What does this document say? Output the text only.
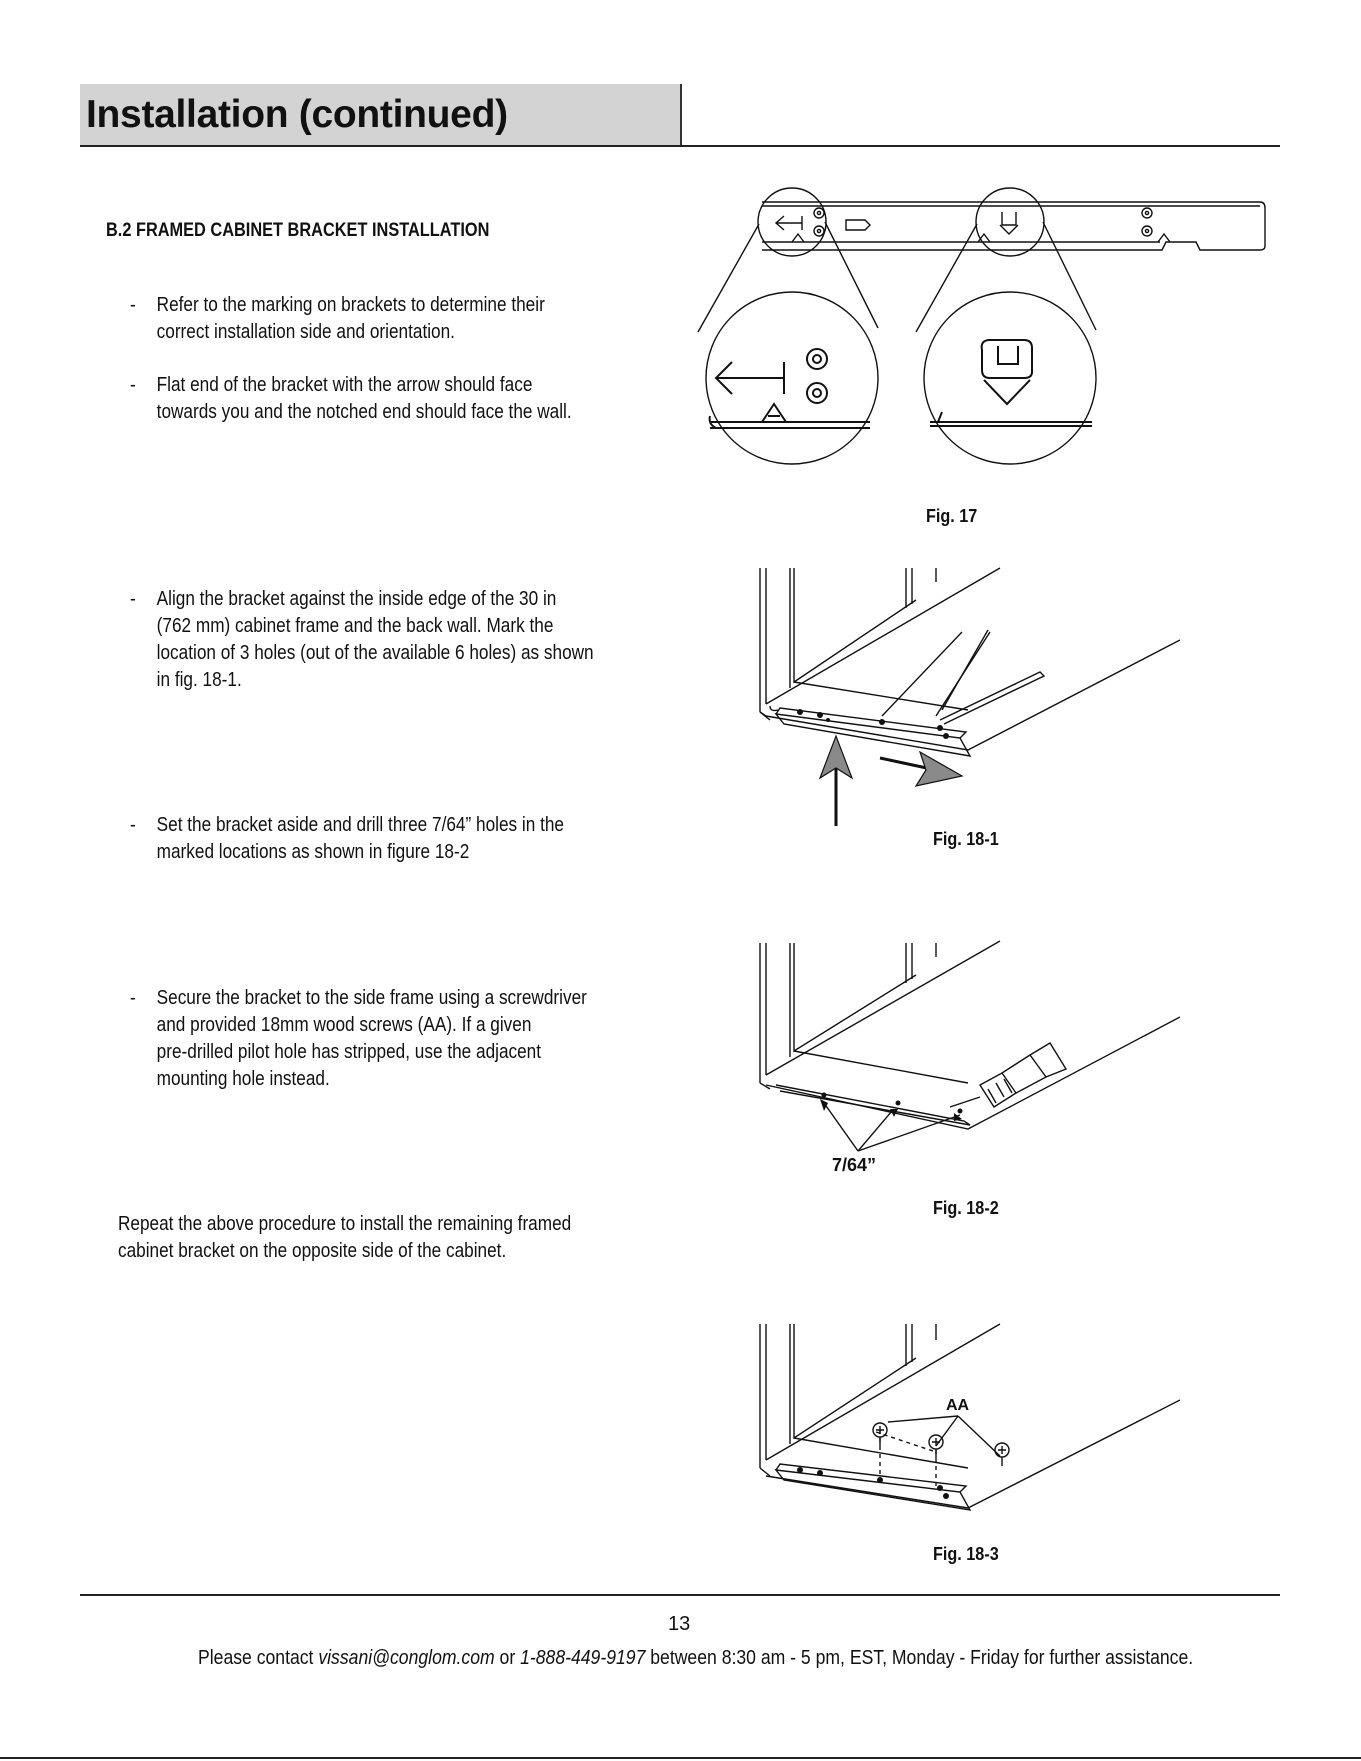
Installation (continued)
B.2 FRAMED CABINET BRACKET INSTALLATION
- Refer to the marking on brackets to determine their
correct installation side and orientation.
- Flat end of the bracket with the arrow should face
towards you and the notched end should face the wall.
- Align the bracket against the inside edge of the 30 in
(762 mm) cabinet frame and the back wall. Mark the
location of 3 holes (out of the available 6 holes) as shown
in fig. 18-1.
- Set the bracket aside and drill three 7/64” holes in the
marked locations as shown in figure 18-2
- Secure the bracket to the side frame using a screwdriver
and provided 18mm wood screws (AA). If a given
pre-drilled pilot hole has stripped, use the adjacent
mounting hole instead.
Repeat the above procedure to install the remaining framed
cabinet bracket on the opposite side of the cabinet.
Fig. 17
Fig. 18-1
7/64”
Fig. 18-2
AA
Fig. 18-3
13
Please contact vissani@conglom.com or 1-888-449-9197 between 8:30 am - 5 pm, EST, Monday - Friday for further assistance.
